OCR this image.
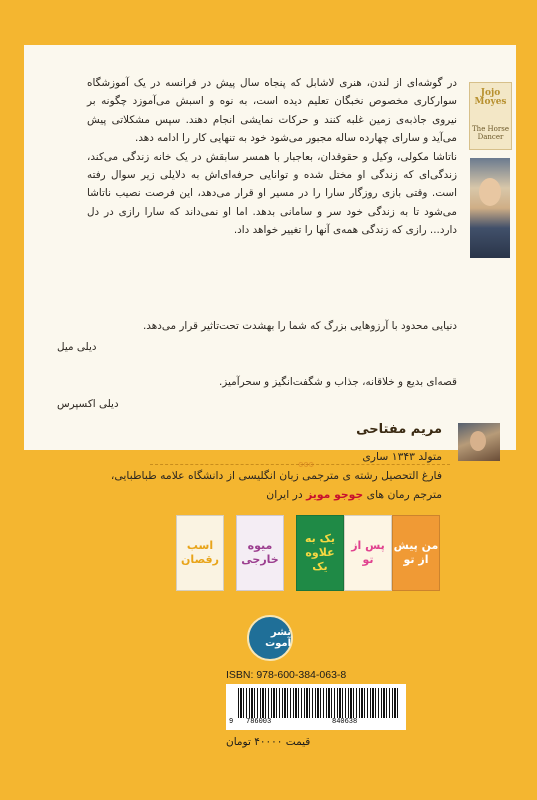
در گوشه‌ای از لندن، هنری لاشابل که پنجاه سال پیش در فرانسه در یک آموزشگاه سوارکاری مخصوص نخبگان تعلیم دیده است، به نوه و اسبش می‌آموزد چگونه بر نیروی جاذبه‌ی زمین غلبه کنند و حرکات نمایشی انجام دهند. سپس مشکلاتی پیش می‌آید و سارای چهارده ساله مجبور می‌شود خود به تنهایی کار را ادامه دهد.

ناتاشا مکولی، وکیل و حقوقدان، بعاجبار با همسر سابقش در یک خانه زندگی می‌کند، زندگی‌ای که زندگی او مختل شده و توانایی حرفه‌ای‌اش به دلایلی زیر سوال رفته است. وقتی بازی روزگار سارا را در مسیر او قرار می‌دهد، این فرصت نصیب ناتاشا می‌شود تا به زندگی خود سر و سامانی بدهد. اما او نمی‌داند که سارا رازی در دل دارد... رازی که زندگی همه‌ی آنها را تغییر خواهد داد.

Jojo Moyes
The Horse Dancer
دنیایی محدود با آرزوهایی بزرگ که شما را بهشدت تحت‌تاثیر قرار می‌دهد.
دیلی میل
قصه‌ای بدیع و خلاقانه، جذاب و شگفت‌انگیز و سحرآمیز.
دیلی اکسپرس
۞۞۞
مریم مفتاحی
متولد ۱۳۴۳ ساری
فارغ التحصیل رشته ی مترجمی زبان انگلیسی از دانشگاه علامه طباطبایی،
مترجم رمان های جوجو مویز در ایران
اسب رقصان
میوه خارجی
یک به علاوه یک
پس از تو
من پیش از تو
نشر آموت
ISBN: 978-600-384-063-8
9 786003	840638
قیمت ۴۰۰۰۰ تومان
